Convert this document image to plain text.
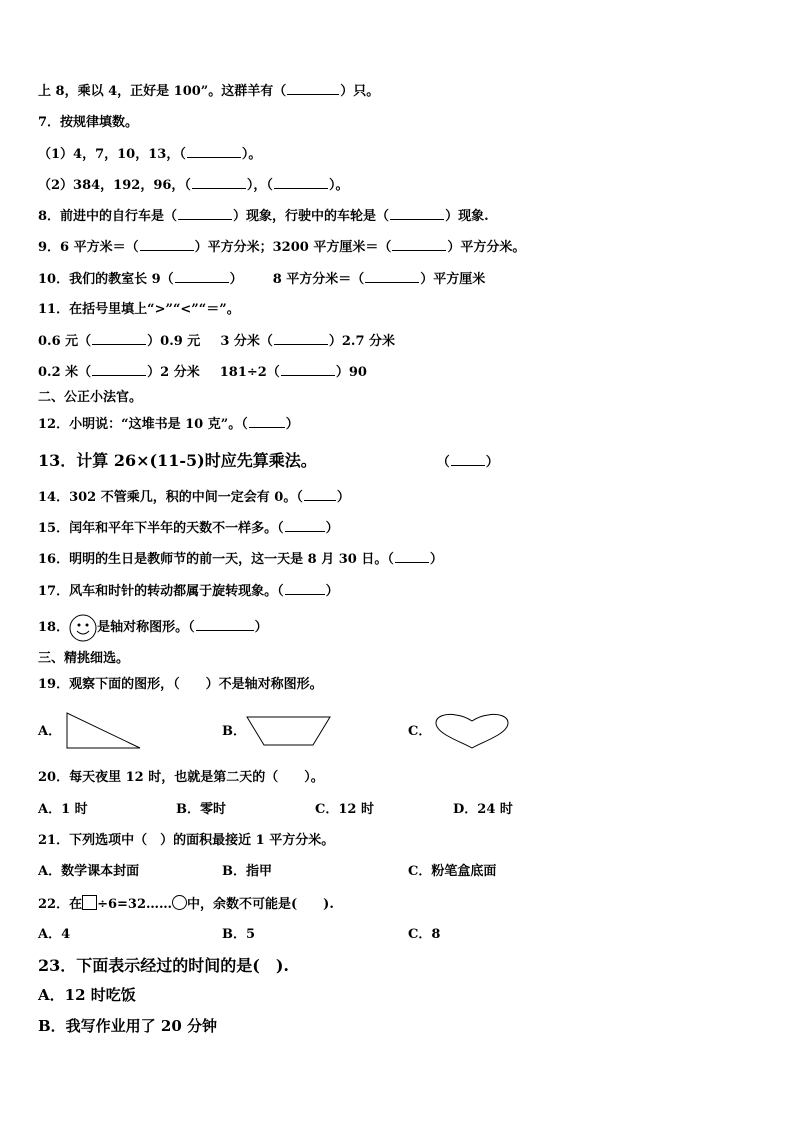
上 8，乘以 4，正好是 100”。这群羊有（	）只。
7．按规律填数。
（1）4，7，10，13，（	）。
（2）384，192，96，（	），（	）。
8．前进中的自行车是（	）现象，行驶中的车轮是（	）现象.
9．6 平方米＝（	）平方分米；3200 平方厘米＝（	）平方分米。
10．我们的教室长 9（	） 8 平方分米＝（	）平方厘米
11．在括号里填上“>”“<”“＝”。
0.6 元（	）0.9 元 3 分米（	）2.7 分米
0.2 米（	）2 分米 181÷2（	）90
二、公正小法官。
12．小明说：“这堆书是 10 克”。（	）
13．计算 26×(11-5)时应先算乘法。	（	）
14．302 不管乘几，积的中间一定会有 0。（	）
15．闰年和平年下半年的天数不一样多。（	）
16．明明的生日是教师节的前一天，这一天是 8 月 30 日。（	）
17．风车和时针的转动都属于旋转现象。（	）
18． 是轴对称图形。（	）
三、精挑细选。
19．观察下面的图形，（　　）不是轴对称图形。
A．	B．	C．
20．每天夜里 12 时，也就是第二天的（　　）。
A．1 时	B．零时	C．12 时	D．24 时
21．下列选项中（　）的面积最接近 1 平方分米。
A．数学课本封面	B．指甲	C．粉笔盒底面
22．在 ÷6=32…… 中，余数不可能是(　　).
A．4	B．5	C．8
23．下面表示经过的时间的是(　).
A．12 时吃饭
B．我写作业用了 20 分钟
